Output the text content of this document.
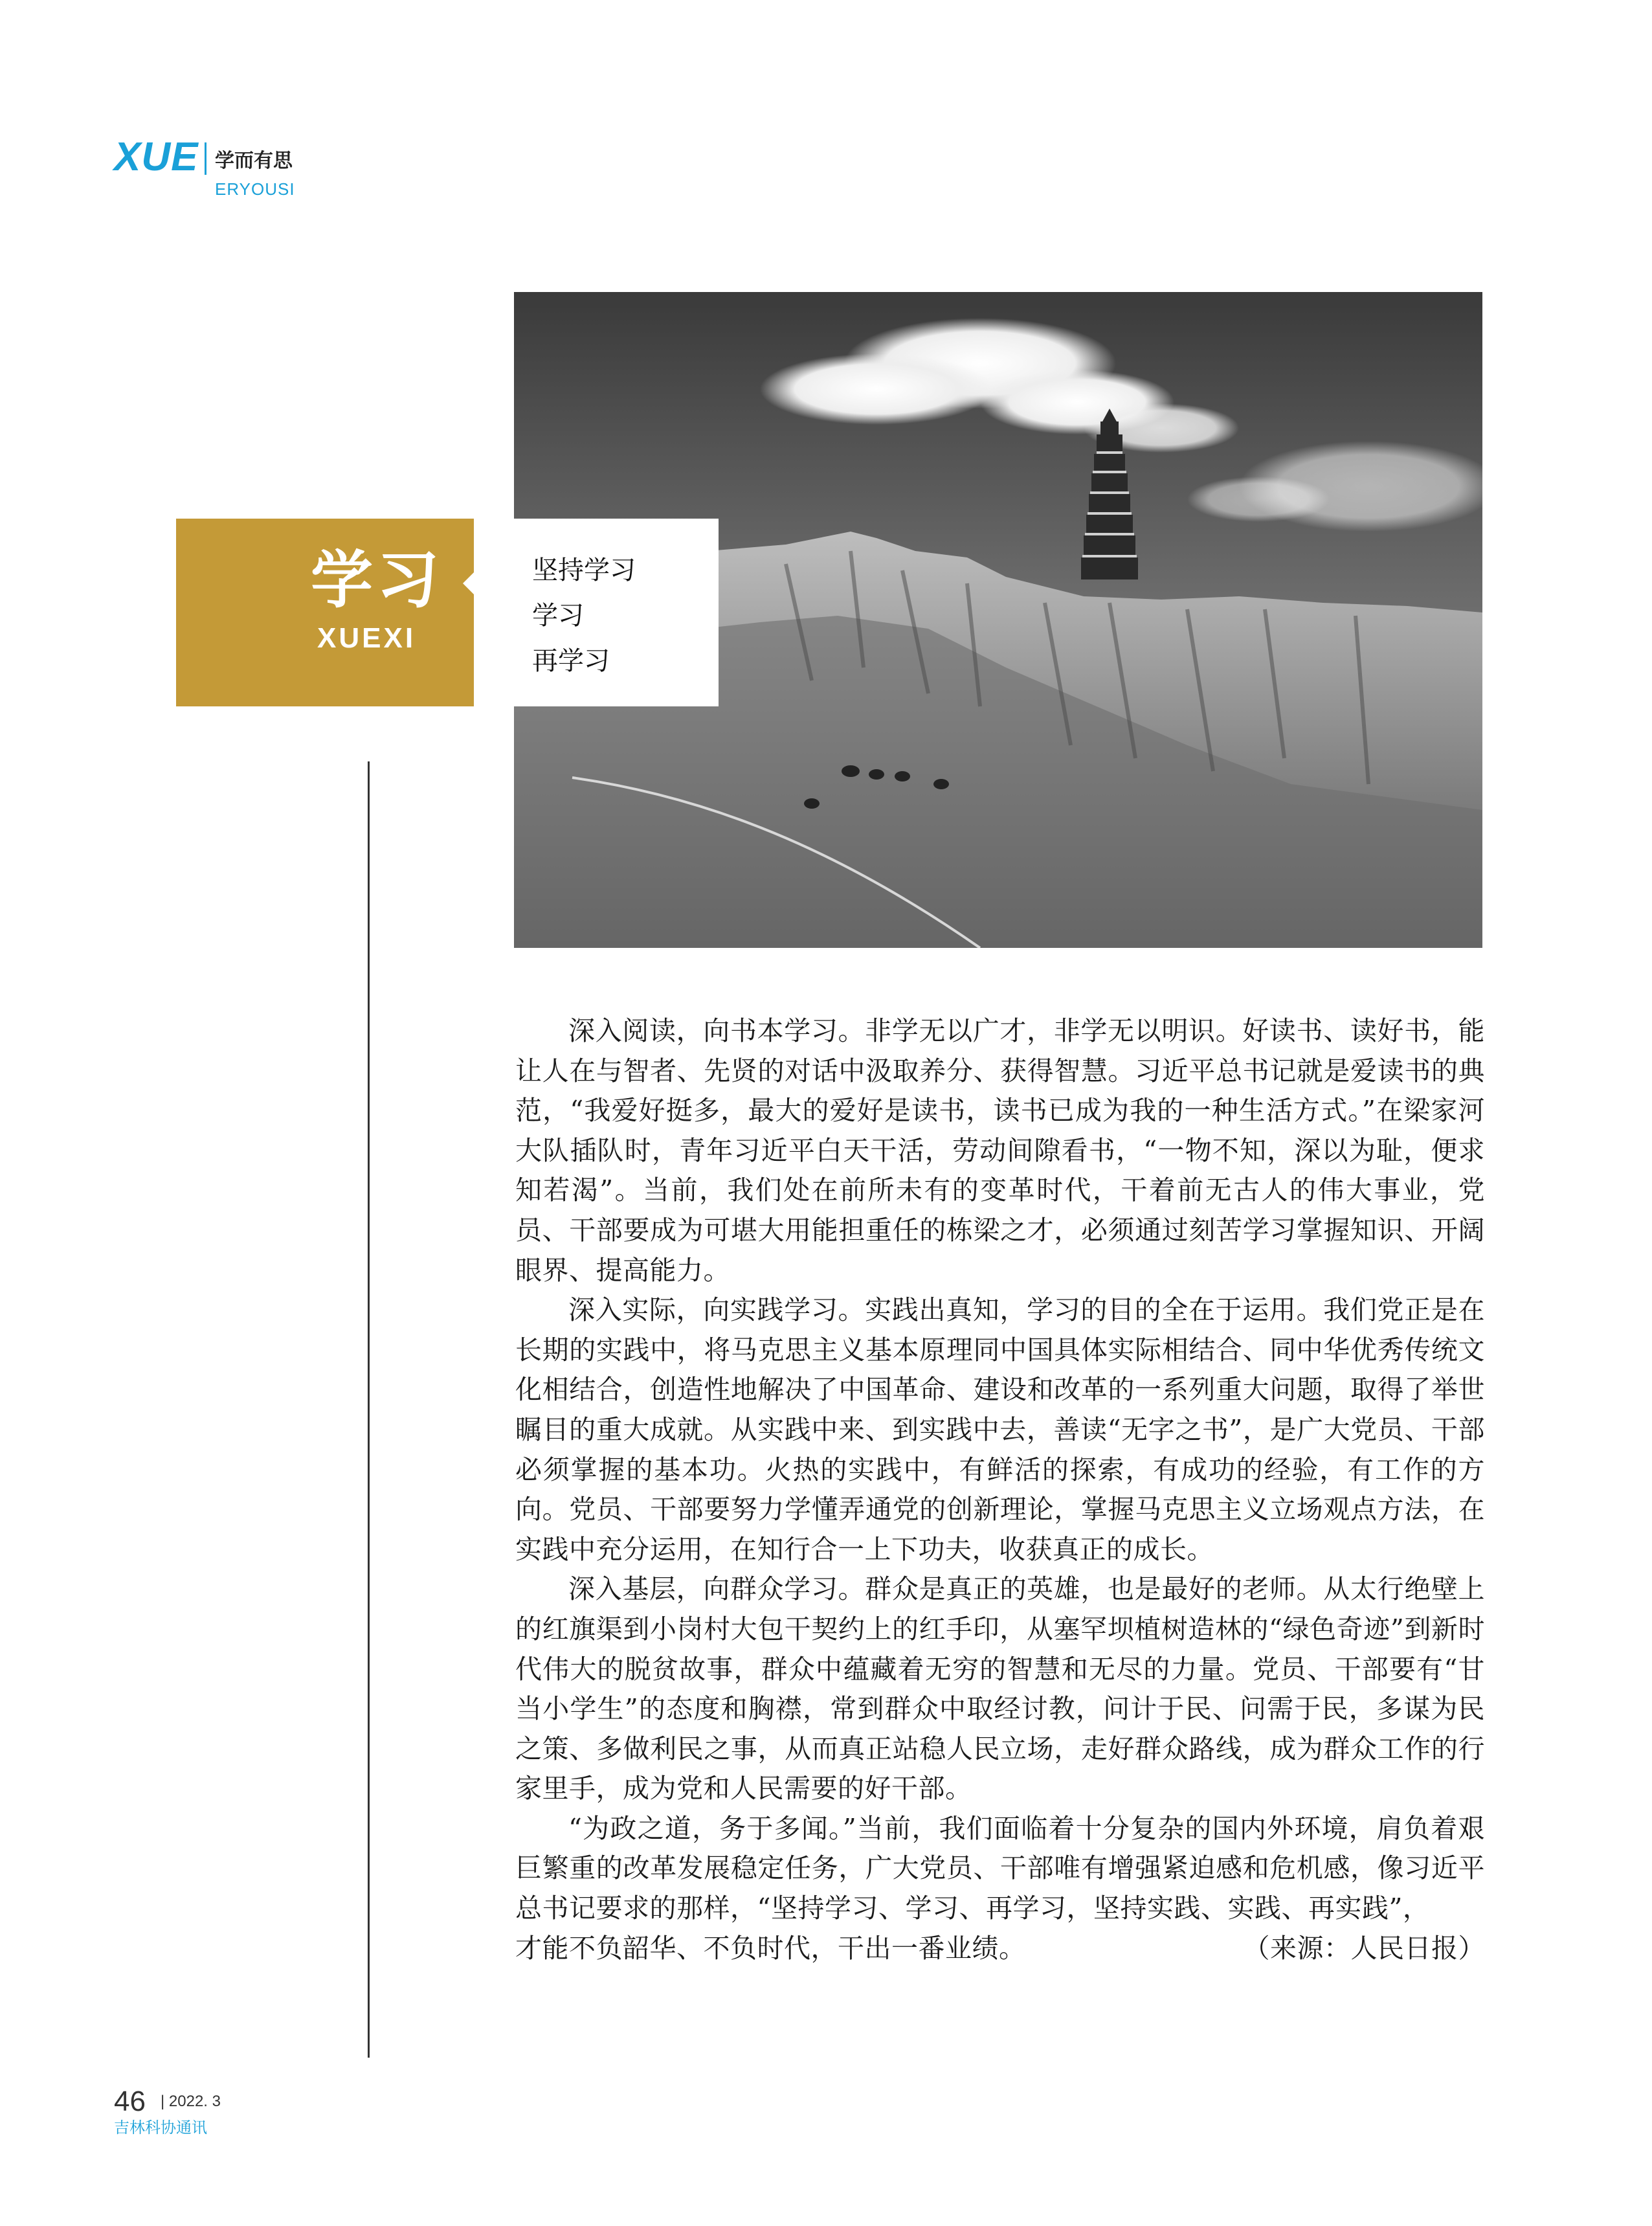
XUE 学而有思
ERYOUSI
学习
XUEXI
坚持学习
学习
再学习

深入阅读，向书本学习。非学无以广才，非学无以明识。好读书、读好书，能让人在与智者、先贤的对话中汲取养分、获得智慧。习近平总书记就是爱读书的典范，“我爱好挺多，最大的爱好是读书，读书已成为我的一种生活方式。”在梁家河大队插队时，青年习近平白天干活，劳动间隙看书，“一物不知，深以为耻，便求知若渴”。当前，我们处在前所未有的变革时代，干着前无古人的伟大事业，党员、干部要成为可堪大用能担重任的栋梁之才，必须通过刻苦学习掌握知识、开阔眼界、提高能力。

深入实际，向实践学习。实践出真知，学习的目的全在于运用。我们党正是在长期的实践中，将马克思主义基本原理同中国具体实际相结合、同中华优秀传统文化相结合，创造性地解决了中国革命、建设和改革的一系列重大问题，取得了举世瞩目的重大成就。从实践中来、到实践中去，善读“无字之书”，是广大党员、干部必须掌握的基本功。火热的实践中，有鲜活的探索，有成功的经验，有工作的方向。党员、干部要努力学懂弄通党的创新理论，掌握马克思主义立场观点方法，在实践中充分运用，在知行合一上下功夫，收获真正的成长。

深入基层，向群众学习。群众是真正的英雄，也是最好的老师。从太行绝壁上的红旗渠到小岗村大包干契约上的红手印，从塞罕坝植树造林的“绿色奇迹”到新时代伟大的脱贫故事，群众中蕴藏着无穷的智慧和无尽的力量。党员、干部要有“甘当小学生”的态度和胸襟，常到群众中取经讨教，问计于民、问需于民，多谋为民之策、多做利民之事，从而真正站稳人民立场，走好群众路线，成为群众工作的行家里手，成为党和人民需要的好干部。

“为政之道，务于多闻。”当前，我们面临着十分复杂的国内外环境，肩负着艰巨繁重的改革发展稳定任务，广大党员、干部唯有增强紧迫感和危机感，像习近平总书记要求的那样，“坚持学习、学习、再学习，坚持实践、实践、再实践”，

才能不负韶华、不负时代，干出一番业绩。	（来源：人民日报）
46 | 2022. 3
吉林科协通讯
